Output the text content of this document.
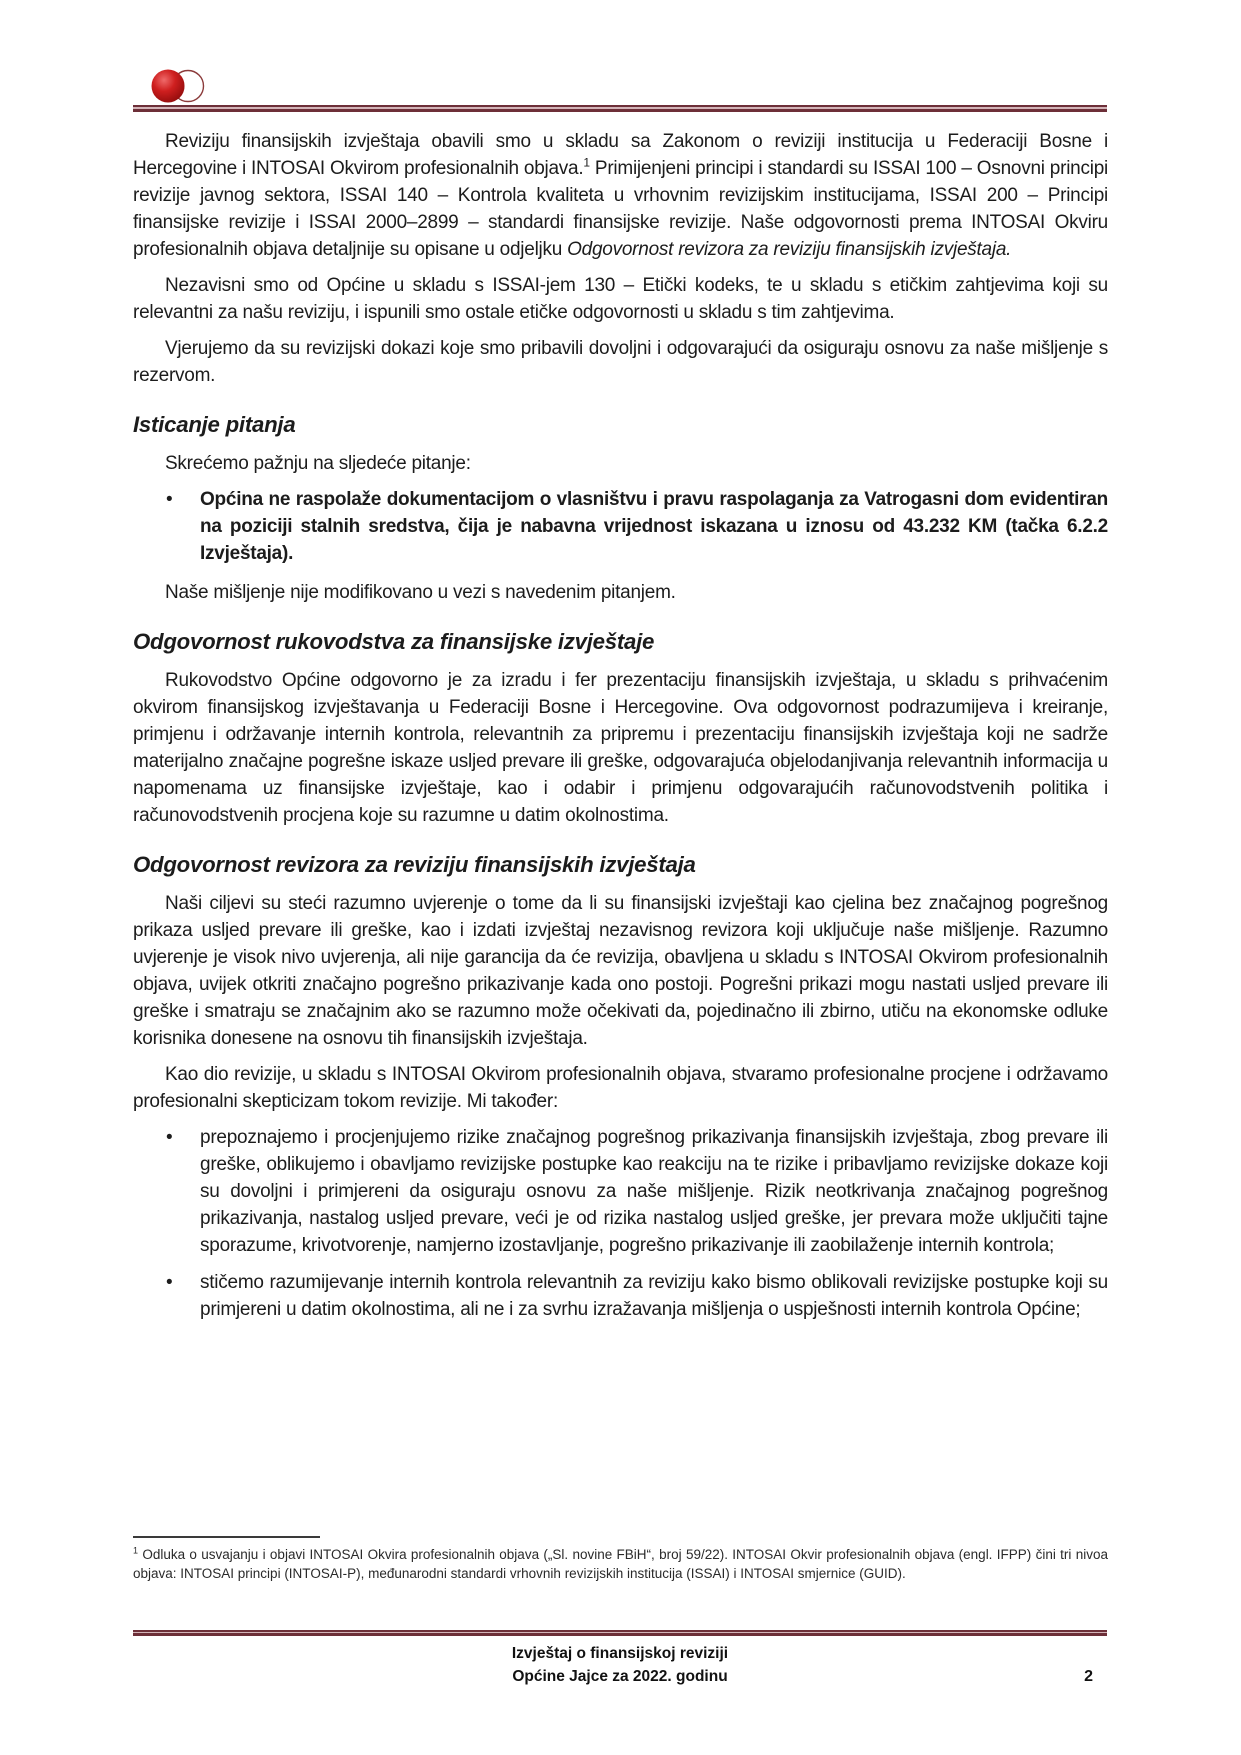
Reviziju finansijskih izvještaja obavili smo u skladu sa Zakonom o reviziji institucija u Federaciji Bosne i Hercegovine i INTOSAI Okvirom profesionalnih objava.$^1$ Primijenjeni principi i standardi su ISSAI 100 – Osnovni principi revizije javnog sektora, ISSAI 140 – Kontrola kvaliteta u vrhovnim revizijskim institucijama, ISSAI 200 – Principi finansijske revizije i ISSAI 2000–2899 – standardi finansijske revizije. Naše odgovornosti prema INTOSAI Okviru profesionalnih objava detaljnije su opisane u odjeljku Odgovornost revizora za reviziju finansijskih izvještaja.

Nezavisni smo od Općine u skladu s ISSAI-jem 130 – Etički kodeks, te u skladu s etičkim zahtjevima koji su relevantni za našu reviziju, i ispunili smo ostale etičke odgovornosti u skladu s tim zahtjevima.

Vjerujemo da su revizijski dokazi koje smo pribavili dovoljni i odgovarajući da osiguraju osnovu za naše mišljenje s rezervom.

Isticanje pitanja

Skrećemo pažnju na sljedeće pitanje:

•	Općina ne raspolaže dokumentacijom o vlasništvu i pravu raspolaganja za Vatrogasni dom evidentiran na poziciji stalnih sredstva, čija je nabavna vrijednost iskazana u iznosu od 43.232 KM (tačka 6.2.2 Izvještaja).

Naše mišljenje nije modifikovano u vezi s navedenim pitanjem.

Odgovornost rukovodstva za finansijske izvještaje

Rukovodstvo Općine odgovorno je za izradu i fer prezentaciju finansijskih izvještaja, u skladu s prihvaćenim okvirom finansijskog izvještavanja u Federaciji Bosne i Hercegovine. Ova odgovornost podrazumijeva i kreiranje, primjenu i održavanje internih kontrola, relevantnih za pripremu i prezentaciju finansijskih izvještaja koji ne sadrže materijalno značajne pogrešne iskaze usljed prevare ili greške, odgovarajuća objelodanjivanja relevantnih informacija u napomenama uz finansijske izvještaje, kao i odabir i primjenu odgovarajućih računovodstvenih politika i računovodstvenih procjena koje su razumne u datim okolnostima.

Odgovornost revizora za reviziju finansijskih izvještaja

Naši ciljevi su steći razumno uvjerenje o tome da li su finansijski izvještaji kao cjelina bez značajnog pogrešnog prikaza usljed prevare ili greške, kao i izdati izvještaj nezavisnog revizora koji uključuje naše mišljenje. Razumno uvjerenje je visok nivo uvjerenja, ali nije garancija da će revizija, obavljena u skladu s INTOSAI Okvirom profesionalnih objava, uvijek otkriti značajno pogrešno prikazivanje kada ono postoji. Pogrešni prikazi mogu nastati usljed prevare ili greške i smatraju se značajnim ako se razumno može očekivati da, pojedinačno ili zbirno, utiču na ekonomske odluke korisnika donesene na osnovu tih finansijskih izvještaja.

Kao dio revizije, u skladu s INTOSAI Okvirom profesionalnih objava, stvaramo profesionalne procjene i održavamo profesionalni skepticizam tokom revizije. Mi također:

•	prepoznajemo i procjenjujemo rizike značajnog pogrešnog prikazivanja finansijskih izvještaja, zbog prevare ili greške, oblikujemo i obavljamo revizijske postupke kao reakciju na te rizike i pribavljamo revizijske dokaze koji su dovoljni i primjereni da osiguraju osnovu za naše mišljenje. Rizik neotkrivanja značajnog pogrešnog prikazivanja, nastalog usljed prevare, veći je od rizika nastalog usljed greške, jer prevara može uključiti tajne sporazume, krivotvorenje, namjerno izostavljanje, pogrešno prikazivanje ili zaobilaženje internih kontrola;
•	stičemo razumijevanje internih kontrola relevantnih za reviziju kako bismo oblikovali revizijske postupke koji su primjereni u datim okolnostima, ali ne i za svrhu izražavanja mišljenja o uspješnosti internih kontrola Općine;
$^1$ Odluka o usvajanju i objavi INTOSAI Okvira profesionalnih objava („Sl. novine FBiH“, broj 59/22). INTOSAI Okvir profesionalnih objava (engl. IFPP) čini tri nivoa objava: INTOSAI principi (INTOSAI-P), međunarodni standardi vrhovnih revizijskih institucija (ISSAI) i INTOSAI smjernice (GUID).
Izvještaj o finansijskoj reviziji
Općine Jajce za 2022. godinu	2
